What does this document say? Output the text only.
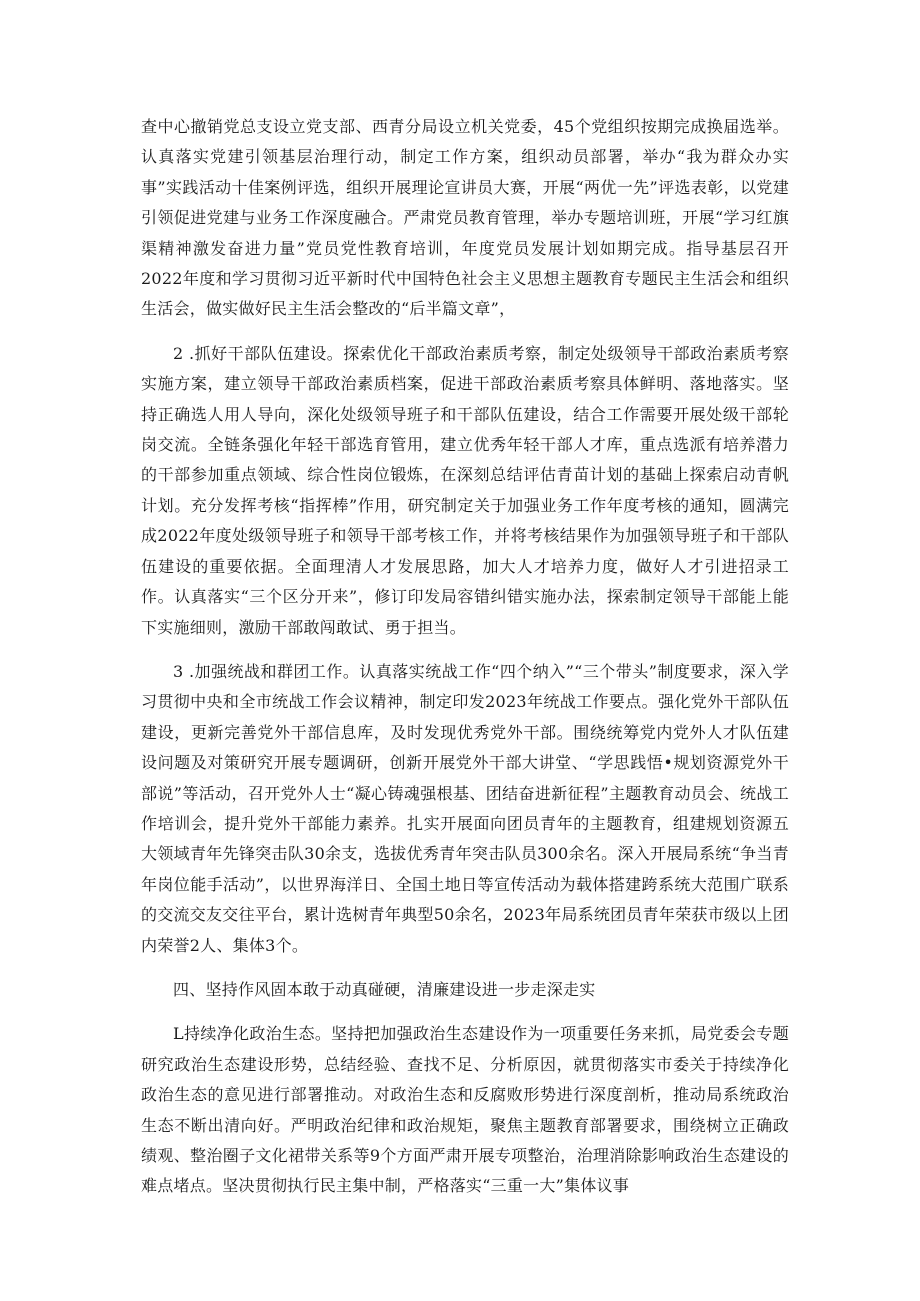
查中心撤销党总支设立党支部、西青分局设立机关党委，45个党组织按期完成换届选举。认真落实党建引领基层治理行动，制定工作方案，组织动员部署，举办“我为群众办实事”实践活动十佳案例评选，组织开展理论宣讲员大赛，开展“两优一先”评选表彰，以党建引领促进党建与业务工作深度融合。严肃党员教育管理，举办专题培训班，开展“学习红旗渠精神激发奋进力量”党员党性教育培训，年度党员发展计划如期完成。指导基层召开2022年度和学习贯彻习近平新时代中国特色社会主义思想主题教育专题民主生活会和组织生活会，做实做好民主生活会整改的“后半篇文章”，

2 .抓好干部队伍建设。探索优化干部政治素质考察，制定处级领导干部政治素质考察实施方案，建立领导干部政治素质档案，促进干部政治素质考察具体鲜明、落地落实。坚持正确选人用人导向，深化处级领导班子和干部队伍建设，结合工作需要开展处级干部轮岗交流。全链条强化年轻干部选育管用，建立优秀年轻干部人才库，重点选派有培养潜力的干部参加重点领域、综合性岗位锻炼，在深刻总结评估青苗计划的基础上探索启动青帆计划。充分发挥考核“指挥棒”作用，研究制定关于加强业务工作年度考核的通知，圆满完成2022年度处级领导班子和领导干部考核工作，并将考核结果作为加强领导班子和干部队伍建设的重要依据。全面理清人才发展思路，加大人才培养力度，做好人才引进招录工作。认真落实“三个区分开来”，修订印发局容错纠错实施办法，探索制定领导干部能上能下实施细则，激励干部敢闯敢试、勇于担当。

3 .加强统战和群团工作。认真落实统战工作“四个纳入”“三个带头”制度要求，深入学习贯彻中央和全市统战工作会议精神，制定印发2023年统战工作要点。强化党外干部队伍建设，更新完善党外干部信息库，及时发现优秀党外干部。围绕统筹党内党外人才队伍建设问题及对策研究开展专题调研，创新开展党外干部大讲堂、“学思践悟•规划资源党外干部说”等活动，召开党外人士“凝心铸魂强根基、团结奋进新征程”主题教育动员会、统战工作培训会，提升党外干部能力素养。扎实开展面向团员青年的主题教育，组建规划资源五大领域青年先锋突击队30余支，选拔优秀青年突击队员300余名。深入开展局系统“争当青年岗位能手活动”，以世界海洋日、全国土地日等宣传活动为载体搭建跨系统大范围广联系的交流交友交往平台，累计选树青年典型50余名，2023年局系统团员青年荣获市级以上团内荣誉2人、集体3个。

四、坚持作风固本敢于动真碰硬，清廉建设进一步走深走实

L持续净化政治生态。坚持把加强政治生态建设作为一项重要任务来抓，局党委会专题研究政治生态建设形势，总结经验、查找不足、分析原因，就贯彻落实市委关于持续净化政治生态的意见进行部署推动。对政治生态和反腐败形势进行深度剖析，推动局系统政治生态不断出清向好。严明政治纪律和政治规矩，聚焦主题教育部署要求，围绕树立正确政绩观、整治圈子文化裙带关系等9个方面严肃开展专项整治，治理消除影响政治生态建设的难点堵点。坚决贯彻执行民主集中制，严格落实“三重一大”集体议事
